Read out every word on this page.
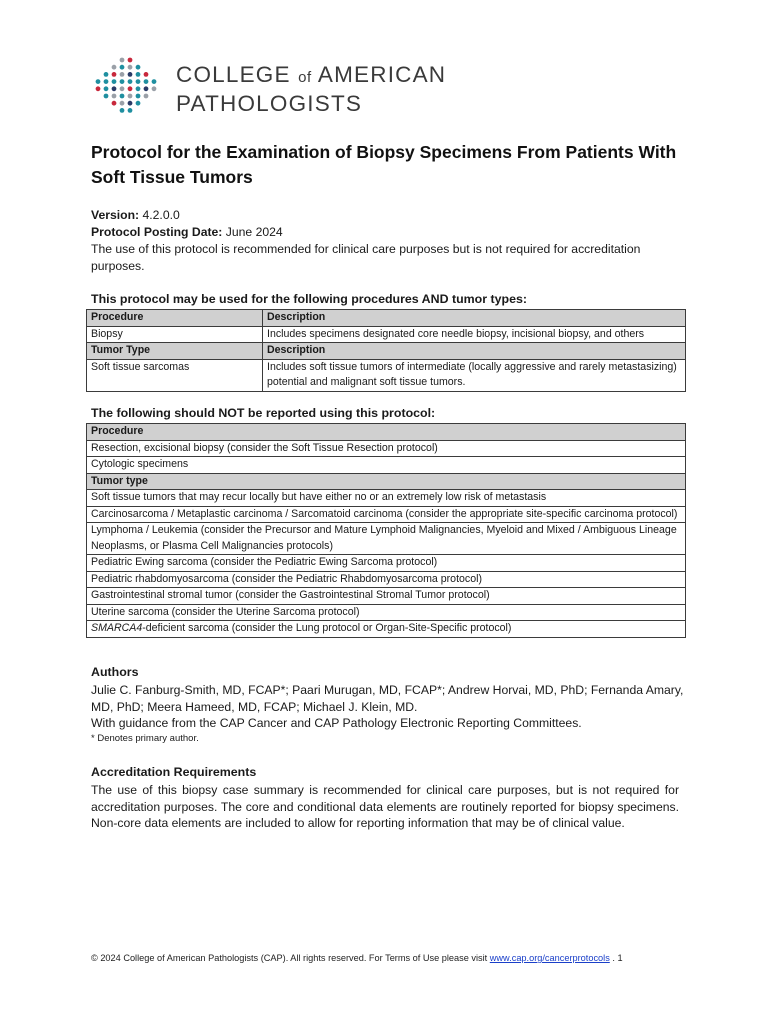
COLLEGE of AMERICAN
PATHOLOGISTS
Protocol for the Examination of Biopsy Specimens From Patients With Soft Tissue Tumors

Version: 4.2.0.0

Protocol Posting Date: June 2024

The use of this protocol is recommended for clinical care purposes but is not required for accreditation purposes.

This protocol may be used for the following procedures AND tumor types:
Procedure	Description
Biopsy	Includes specimens designated core needle biopsy, incisional biopsy, and others
Tumor Type	Description
Soft tissue sarcomas	Includes soft tissue tumors of intermediate (locally aggressive and rarely metastasizing) potential and malignant soft tissue tumors.
The following should NOT be reported using this protocol:
Procedure
Resection, excisional biopsy (consider the Soft Tissue Resection protocol)
Cytologic specimens
Tumor type
Soft tissue tumors that may recur locally but have either no or an extremely low risk of metastasis
Carcinosarcoma / Metaplastic carcinoma / Sarcomatoid carcinoma (consider the appropriate site-specific carcinoma protocol)
Lymphoma / Leukemia (consider the Precursor and Mature Lymphoid Malignancies, Myeloid and Mixed / Ambiguous Lineage Neoplasms, or Plasma Cell Malignancies protocols)
Pediatric Ewing sarcoma (consider the Pediatric Ewing Sarcoma protocol)
Pediatric rhabdomyosarcoma (consider the Pediatric Rhabdomyosarcoma protocol)
Gastrointestinal stromal tumor (consider the Gastrointestinal Stromal Tumor protocol)
Uterine sarcoma (consider the Uterine Sarcoma protocol)
SMARCA4-deficient sarcoma (consider the Lung protocol or Organ-Site-Specific protocol)
Authors

Julie C. Fanburg-Smith, MD, FCAP*; Paari Murugan, MD, FCAP*; Andrew Horvai, MD, PhD; Fernanda Amary, MD, PhD; Meera Hameed, MD, FCAP; Michael J. Klein, MD.

With guidance from the CAP Cancer and CAP Pathology Electronic Reporting Committees.

* Denotes primary author.

Accreditation Requirements

The use of this biopsy case summary is recommended for clinical care purposes, but is not required for accreditation purposes. The core and conditional data elements are routinely reported for biopsy specimens. Non-core data elements are included to allow for reporting information that may be of clinical value.

© 2024 College of American Pathologists (CAP). All rights reserved. For Terms of Use please visit www.cap.org/cancerprotocols . 1
